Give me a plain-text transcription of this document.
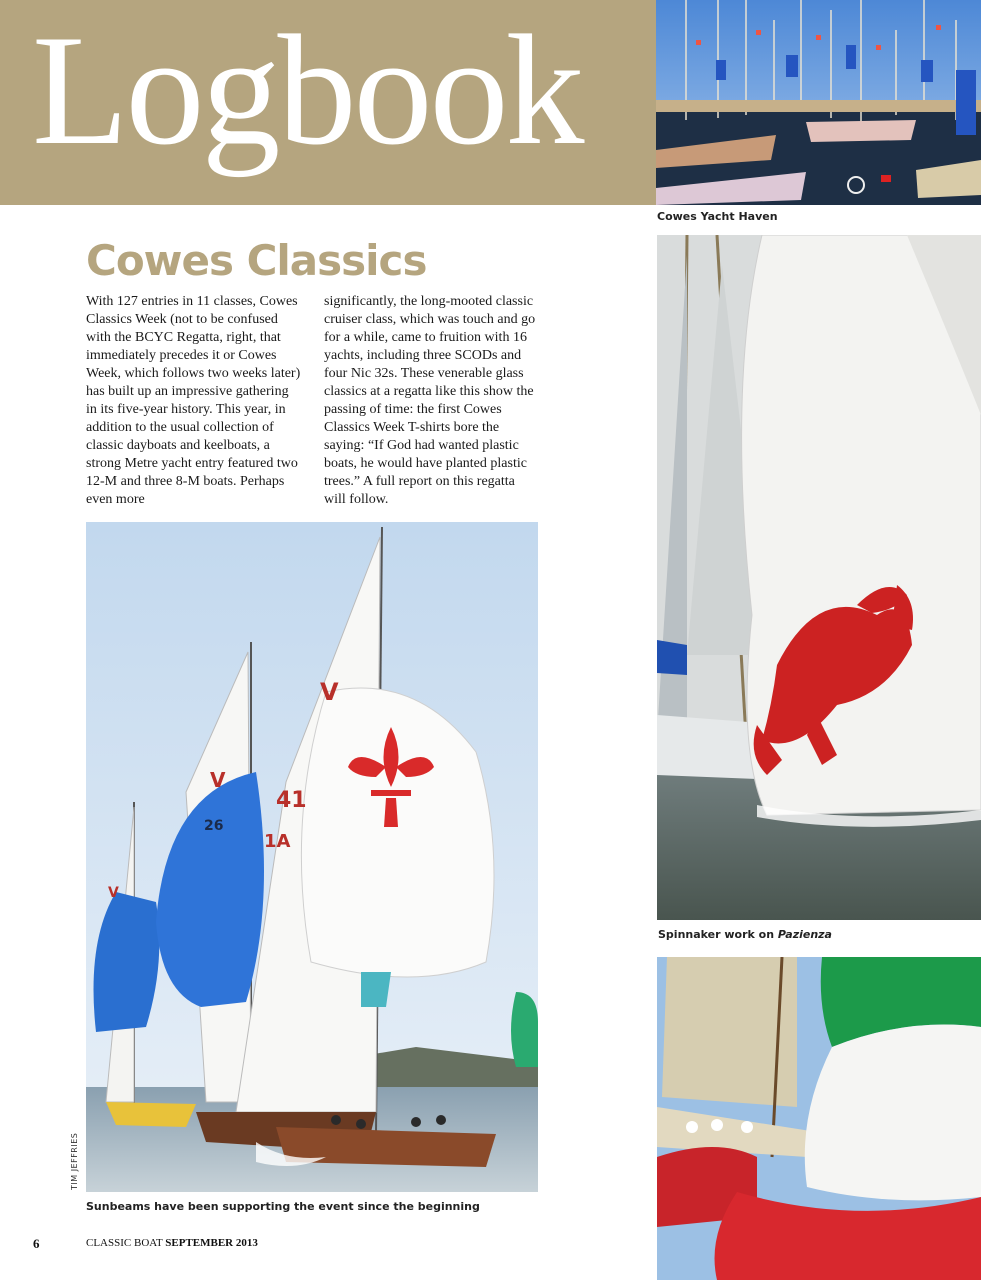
Logbook
Cowes Yacht Haven
Cowes Classics

With 127 entries in 11 classes, Cowes Classics Week (not to be confused with the BCYC Regatta, right, that immediately precedes it or Cowes Week, which follows two weeks later) has built up an impressive gathering in its five-year history. This year, in addition to the usual collection of classic dayboats and keelboats, a strong Metre yacht entry featured two 12-M and three 8-M boats. Perhaps even more

significantly, the long-mooted classic cruiser class, which was touch and go for a while, came to fruition with 16 yachts, including three SCODs and four Nic 32s. These venerable glass classics at a regatta like this show the passing of time: the first Cowes Classics Week T-shirts bore the saying: “If God had wanted plastic boats, he would have planted plastic trees.” A full report on this regatta will follow.

V
V
V
41
1A
26
TIM JEFFRIES
Sunbeams have been supporting the event since the beginning
Spinnaker work on Pazienza
6	CLASSIC BOAT SEPTEMBER 2013
